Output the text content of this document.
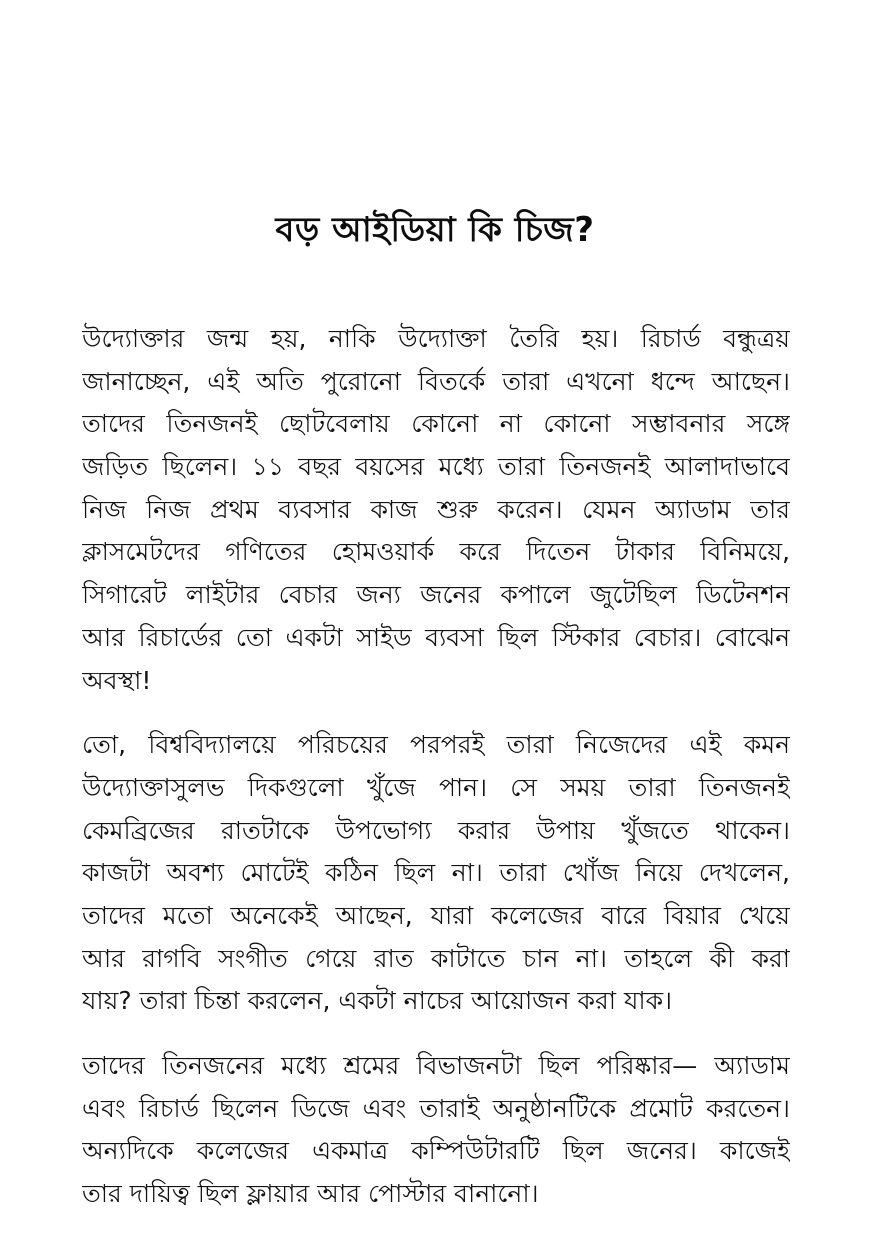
বড় আইডিয়া কি চিজ?
উদ্যোক্তার জন্ম হয়, নাকি উদ্যোক্তা তৈরি হয়। রিচার্ড বন্ধুত্রয়
জানাচ্ছেন, এই অতি পুরোনো বিতর্কে তারা এখনো ধন্দে আছেন।
তাদের তিনজনই ছোটবেলায় কোনো না কোনো সম্ভাবনার সঙ্গে
জড়িত ছিলেন। ১১ বছর বয়সের মধ্যে তারা তিনজনই আলাদাভাবে
নিজ নিজ প্রথম ব্যবসার কাজ শুরু করেন। যেমন অ্যাডাম তার
ক্লাসমেটদের গণিতের হোমওয়ার্ক করে দিতেন টাকার বিনিময়ে,
সিগারেট লাইটার বেচার জন্য জনের কপালে জুটেছিল ডিটেনশন
আর রিচার্ডের তো একটা সাইড ব্যবসা ছিল স্টিকার বেচার। বোঝেন
অবস্থা!
তো, বিশ্ববিদ্যালয়ে পরিচয়ের পরপরই তারা নিজেদের এই কমন
উদ্যোক্তাসুলভ দিকগুলো খুঁজে পান। সে সময় তারা তিনজনই
কেমব্রিজের রাতটাকে উপভোগ্য করার উপায় খুঁজতে থাকেন।
কাজটা অবশ্য মোটেই কঠিন ছিল না। তারা খোঁজ নিয়ে দেখলেন,
তাদের মতো অনেকেই আছেন, যারা কলেজের বারে বিয়ার খেয়ে
আর রাগবি সংগীত গেয়ে রাত কাটাতে চান না। তাহলে কী করা
যায়? তারা চিন্তা করলেন, একটা নাচের আয়োজন করা যাক।
তাদের তিনজনের মধ্যে শ্রমের বিভাজনটা ছিল পরিষ্কার— অ্যাডাম
এবং রিচার্ড ছিলেন ডিজে এবং তারাই অনুষ্ঠানটিকে প্রমোট করতেন।
অন্যদিকে কলেজের একমাত্র কম্পিউটারটি ছিল জনের। কাজেই
তার দায়িত্ব ছিল ফ্লায়ার আর পোস্টার বানানো।
